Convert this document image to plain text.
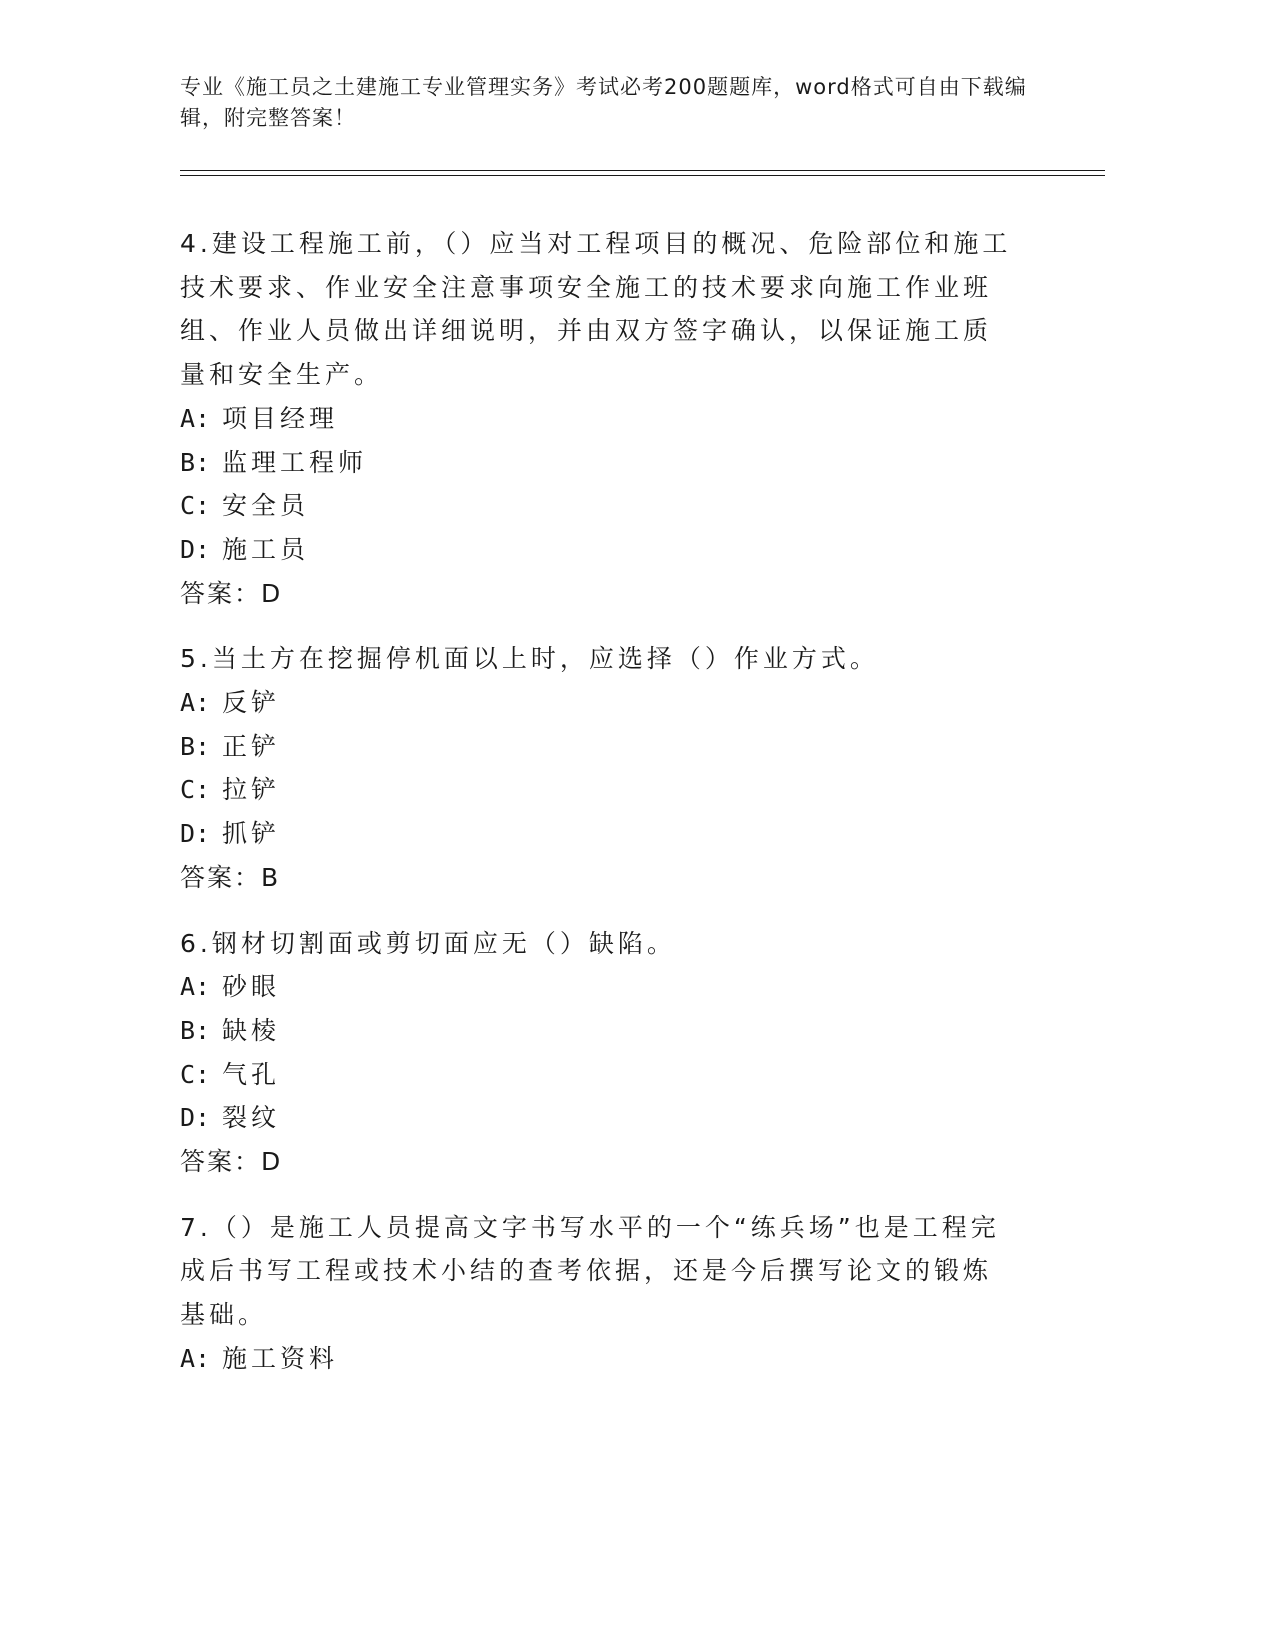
专业《施工员之土建施工专业管理实务》考试必考200题题库，word格式可自由下载编辑，附完整答案！

4.建设工程施工前，（）应当对工程项目的概况、危险部位和施工技术要求、作业安全注意事项安全施工的技术要求向施工作业班组、作业人员做出详细说明，并由双方签字确认，以保证施工质量和安全生产。

A: 项目经理
B: 监理工程师
C: 安全员
D: 施工员
答案：D

5.当土方在挖掘停机面以上时，应选择（）作业方式。

A: 反铲
B: 正铲
C: 拉铲
D: 抓铲
答案：B

6.钢材切割面或剪切面应无（）缺陷。

A: 砂眼
B: 缺棱
C: 气孔
D: 裂纹
答案：D

7.（）是施工人员提高文字书写水平的一个“练兵场”也是工程完成后书写工程或技术小结的查考依据，还是今后撰写论文的锻炼基础。

A: 施工资料
